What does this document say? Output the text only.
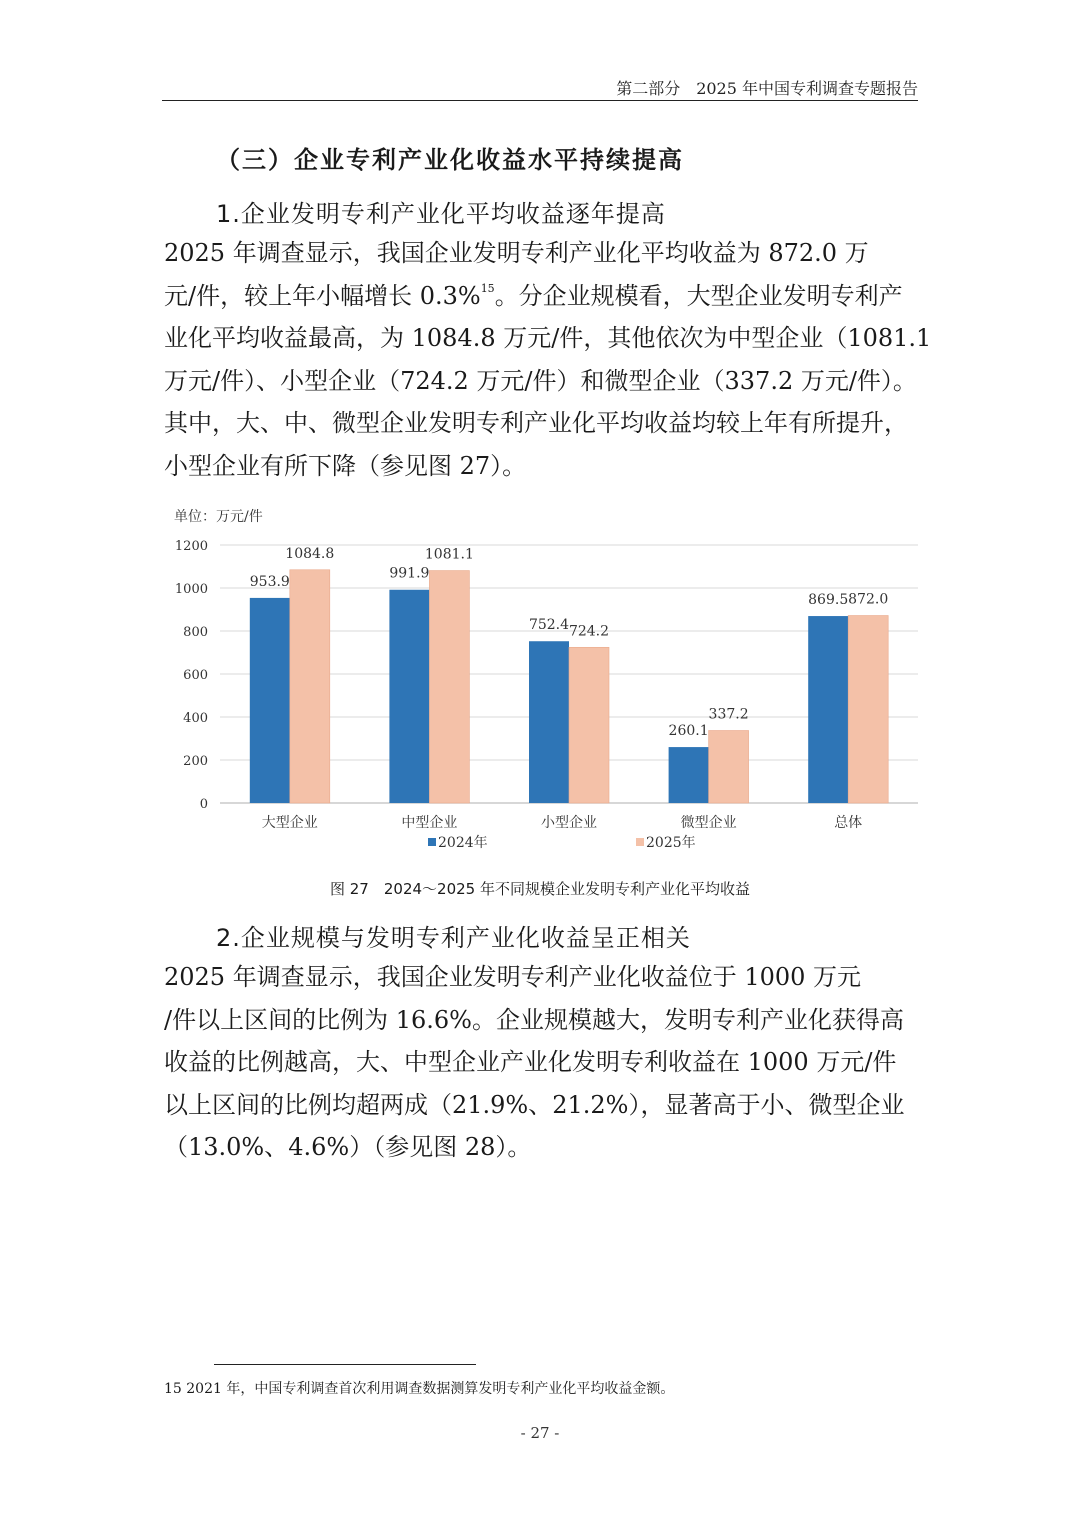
第二部分　2025 年中国专利调查专题报告
（三）企业专利产业化收益水平持续提高
1.企业发明专利产业化平均收益逐年提高
2025 年调查显示，我国企业发明专利产业化平均收益为 872.0 万
元/件，较上年小幅增长 0.3%$^{15}$。分企业规模看，大型企业发明专利产
业化平均收益最高，为 1084.8 万元/件，其他依次为中型企业（1081.1
万元/件）、小型企业（724.2 万元/件）和微型企业（337.2 万元/件）。
其中，大、中、微型企业发明专利产业化平均收益均较上年有所提升，
小型企业有所下降（参见图 27）。
单位：万元/件
0
200
400
600
800
1000
1200
953.9
1084.8
大型企业
991.9
1081.1
中型企业
752.4 724.2
小型企业
260.1
337.2
微型企业
869.5 872.0
总体
2024年	2025年
图 27　2024～2025 年不同规模企业发明专利产业化平均收益
2.企业规模与发明专利产业化收益呈正相关
2025 年调查显示，我国企业发明专利产业化收益位于 1000 万元
/件以上区间的比例为 16.6%。企业规模越大，发明专利产业化获得高
收益的比例越高，大、中型企业产业化发明专利收益在 1000 万元/件
以上区间的比例均超两成（21.9%、21.2%），显著高于小、微型企业
（13.0%、4.6%）（参见图 28）。
15 2021 年，中国专利调查首次利用调查数据测算发明专利产业化平均收益金额。
- 27 -
